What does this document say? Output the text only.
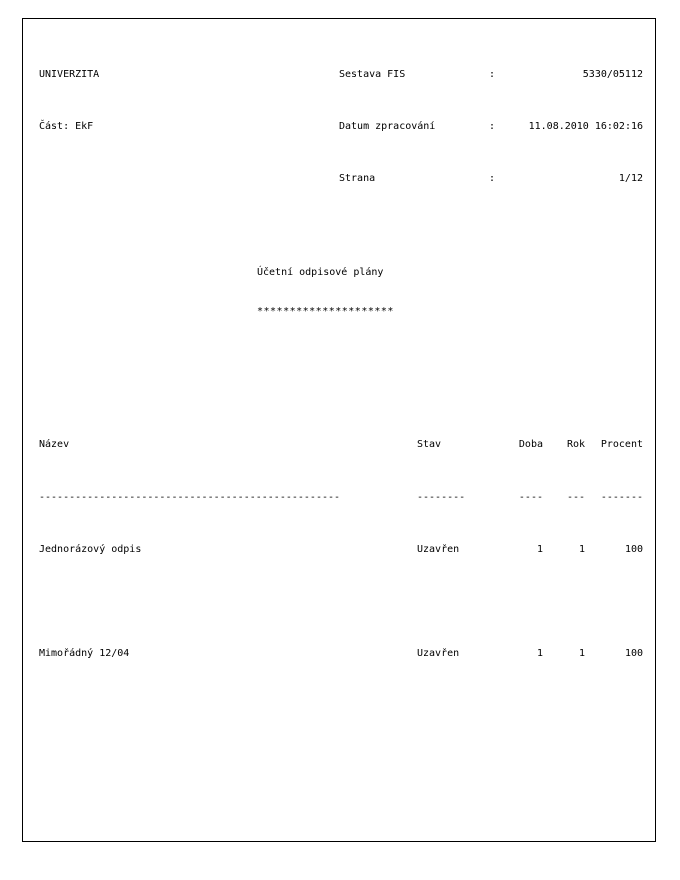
UNIVERZITA	Sestava FIS	:	5330/05112

Část: EkF	Datum zpracování	:	11.08.2010 16:02:16

Strana	:	1/12

Účetní odpisové plány

*********************

Název	Stav	Doba	Rok	Procent

--------------------------------------------------	--------	----	---	-------

Jednorázový odpis	Uzavřen	1	1	100

Mimořádný 12/04	Uzavřen	1	1	100
